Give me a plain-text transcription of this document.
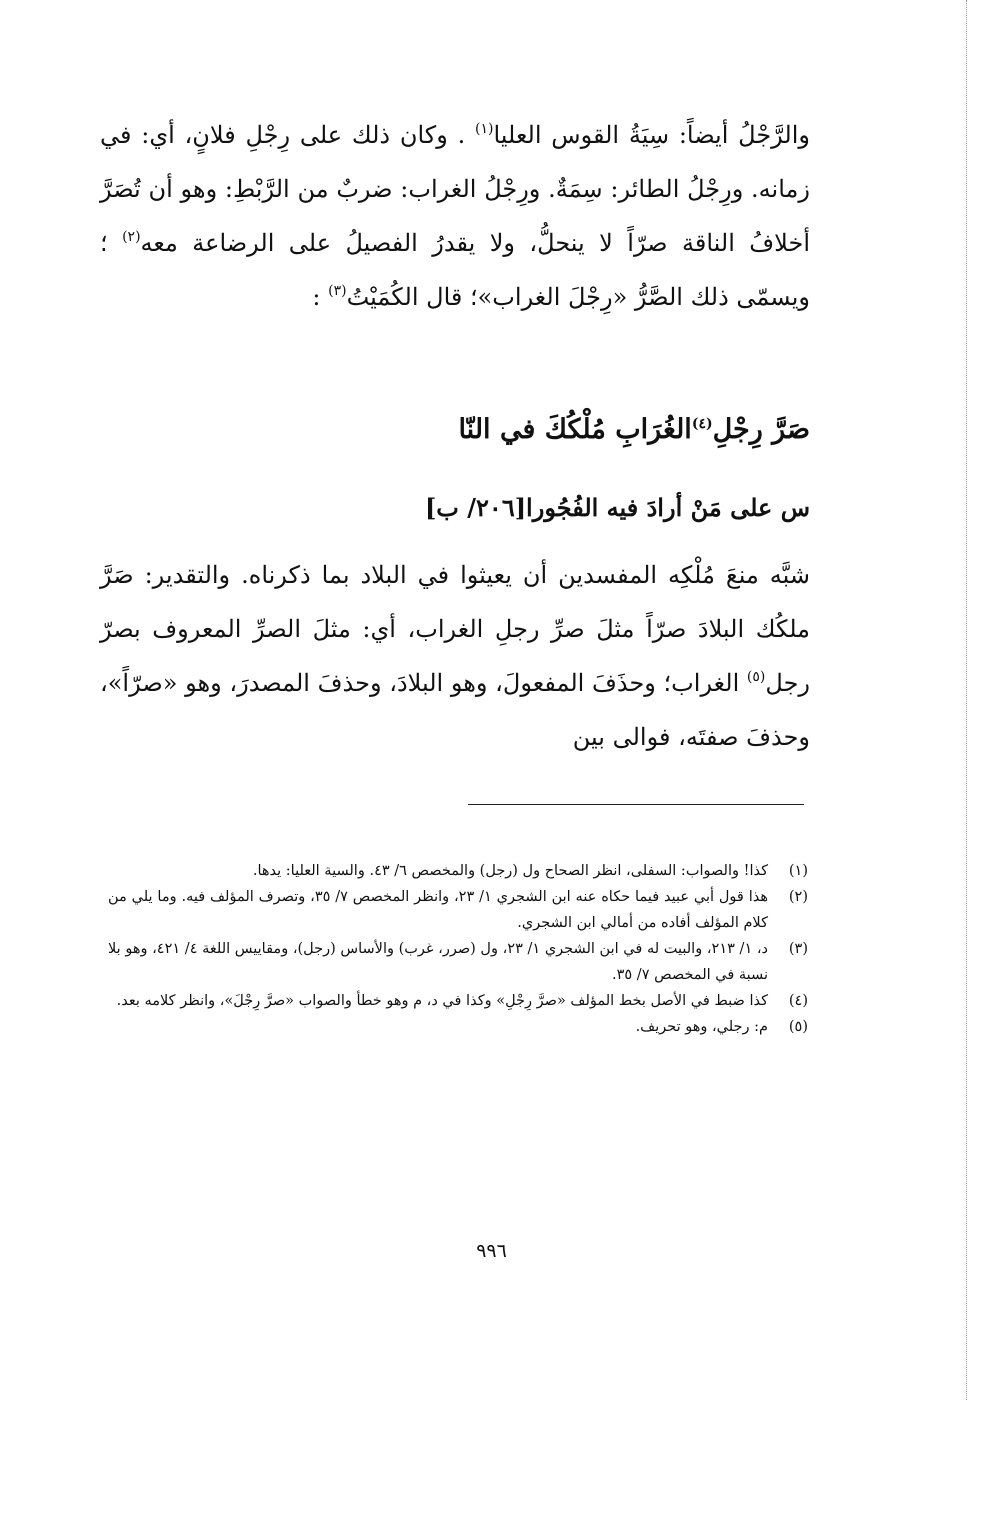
والرَّجْلُ أيضاً: سِيَةُ القوس العليا$^{(١)}$ . وكان ذلك على رِجْلِ فلانٍ، أي: في زمانه. ورِجْلُ الطائر: سِمَةٌ. ورِجْلُ الغراب: ضربٌ من الرَّبْطِ: وهو أن تُصَرَّ أخلافُ الناقة صرّاً لا ينحلُّ، ولا يقدرُ الفصيلُ على الرضاعة معه$^{(٢)}$ ؛ ويسمّى ذلك الصَّرُّ «رِجْلَ الغراب»؛ قال الكُمَيْتُ$^{(٣)}$ :

صَرَّ رِجْلِ$^{(٤)}$الغُرَابِ مُلْكُكَ في النّا

س على مَنْ أرادَ فيه الفُجُورا[٢٠٦/ ب]

شبَّه منعَ مُلْكِه المفسدين أن يعيثوا في البلاد بما ذكرناه. والتقدير: صَرَّ ملكُك البلادَ صرّاً مثلَ صرِّ رجلِ الغراب، أي: مثلَ الصرِّ المعروف بصرّ رجل$^{(٥)}$ الغراب؛ وحذَفَ المفعولَ، وهو البلادَ، وحذفَ المصدرَ، وهو «صرّاً»، وحذفَ صفتَه، فوالى بين

(١)
كذا! والصواب: السفلى، انظر الصحاح ول (رجل) والمخصص ٦/ ٤٣. والسية العليا: يدها.
(٢)
هذا قول أبي عبيد فيما حكاه عنه ابن الشجري ١/ ٢٣، وانظر المخصص ٧/ ٣٥، وتصرف المؤلف فيه. وما يلي من كلام المؤلف أفاده من أمالي ابن الشجري.
(٣)
د، ١/ ٢١٣، والبيت له في ابن الشجري ١/ ٢٣، ول (صرر، غرب) والأساس (رجل)، ومقاييس اللغة ٤/ ٤٢١، وهو بلا نسبة في المخصص ٧/ ٣٥.
(٤)
كذا ضبط في الأصل بخط المؤلف «صرَّ رِجْلِ» وكذا في د، م وهو خطأ والصواب «صرَّ رِجْلَ»، وانظر كلامه بعد.
(٥)
م: رجلي، وهو تحريف.
٩٩٦
